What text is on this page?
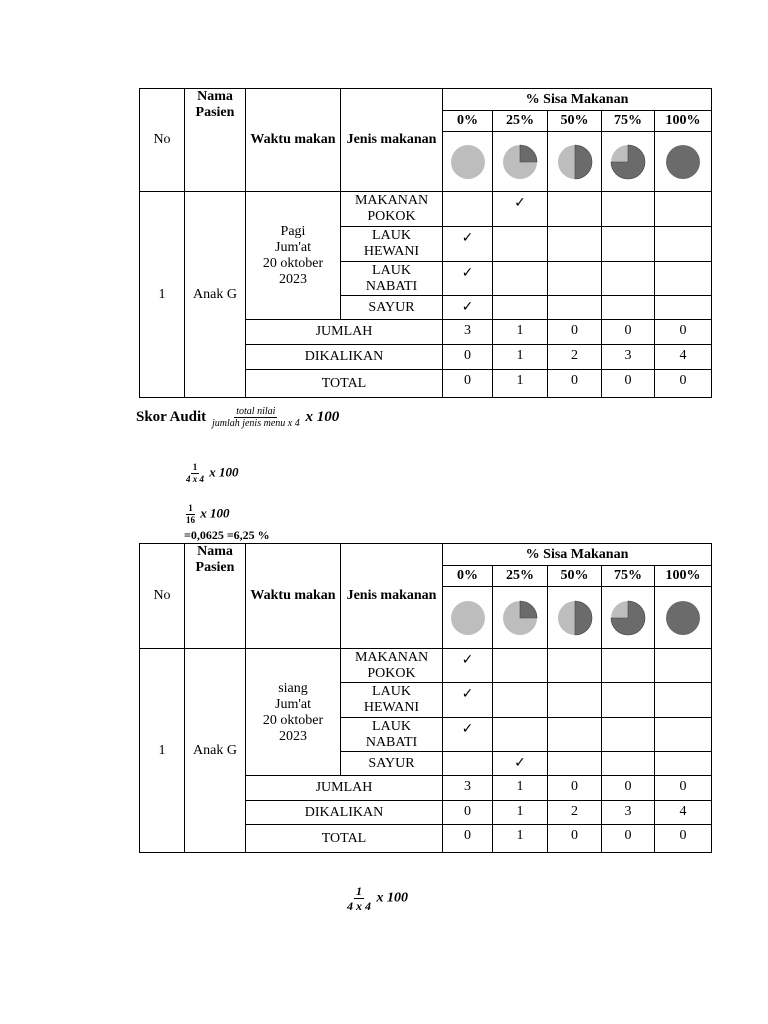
No	Nama Pasien	Waktu makan	Jenis makanan	% Sisa Makanan				
				0%	25%	50%	75%	100%

1	Anak G	Pagi
Jum'at
20 oktober
2023	MAKANAN POKOK		✓			
			LAUK HEWANI	✓				
			LAUK NABATI	✓				
			SAYUR	✓				
		JUMLAH		3	1	0	0	0
		DIKALIKAN		0	1	2	3	4
		TOTAL		0	1	0	0	0
Skor Audit $\frac{\text{total nilai}}{\text{jumlah jenis menu x 4}}$ x 100
$\frac{1}{4 x 4}$ x 100
$\frac{1}{16}$ x 100
=0,0625 =6,25 %
No	Nama Pasien	Waktu makan	Jenis makanan	% Sisa Makanan				
				0%	25%	50%	75%	100%

1	Anak G	siang
Jum'at
20 oktober
2023	MAKANAN POKOK	✓				
			LAUK HEWANI	✓				
			LAUK NABATI	✓				
			SAYUR		✓			
		JUMLAH		3	1	0	0	0
		DIKALIKAN		0	1	2	3	4
		TOTAL		0	1	0	0	0
$\frac{1}{4 x 4}$ x 100
